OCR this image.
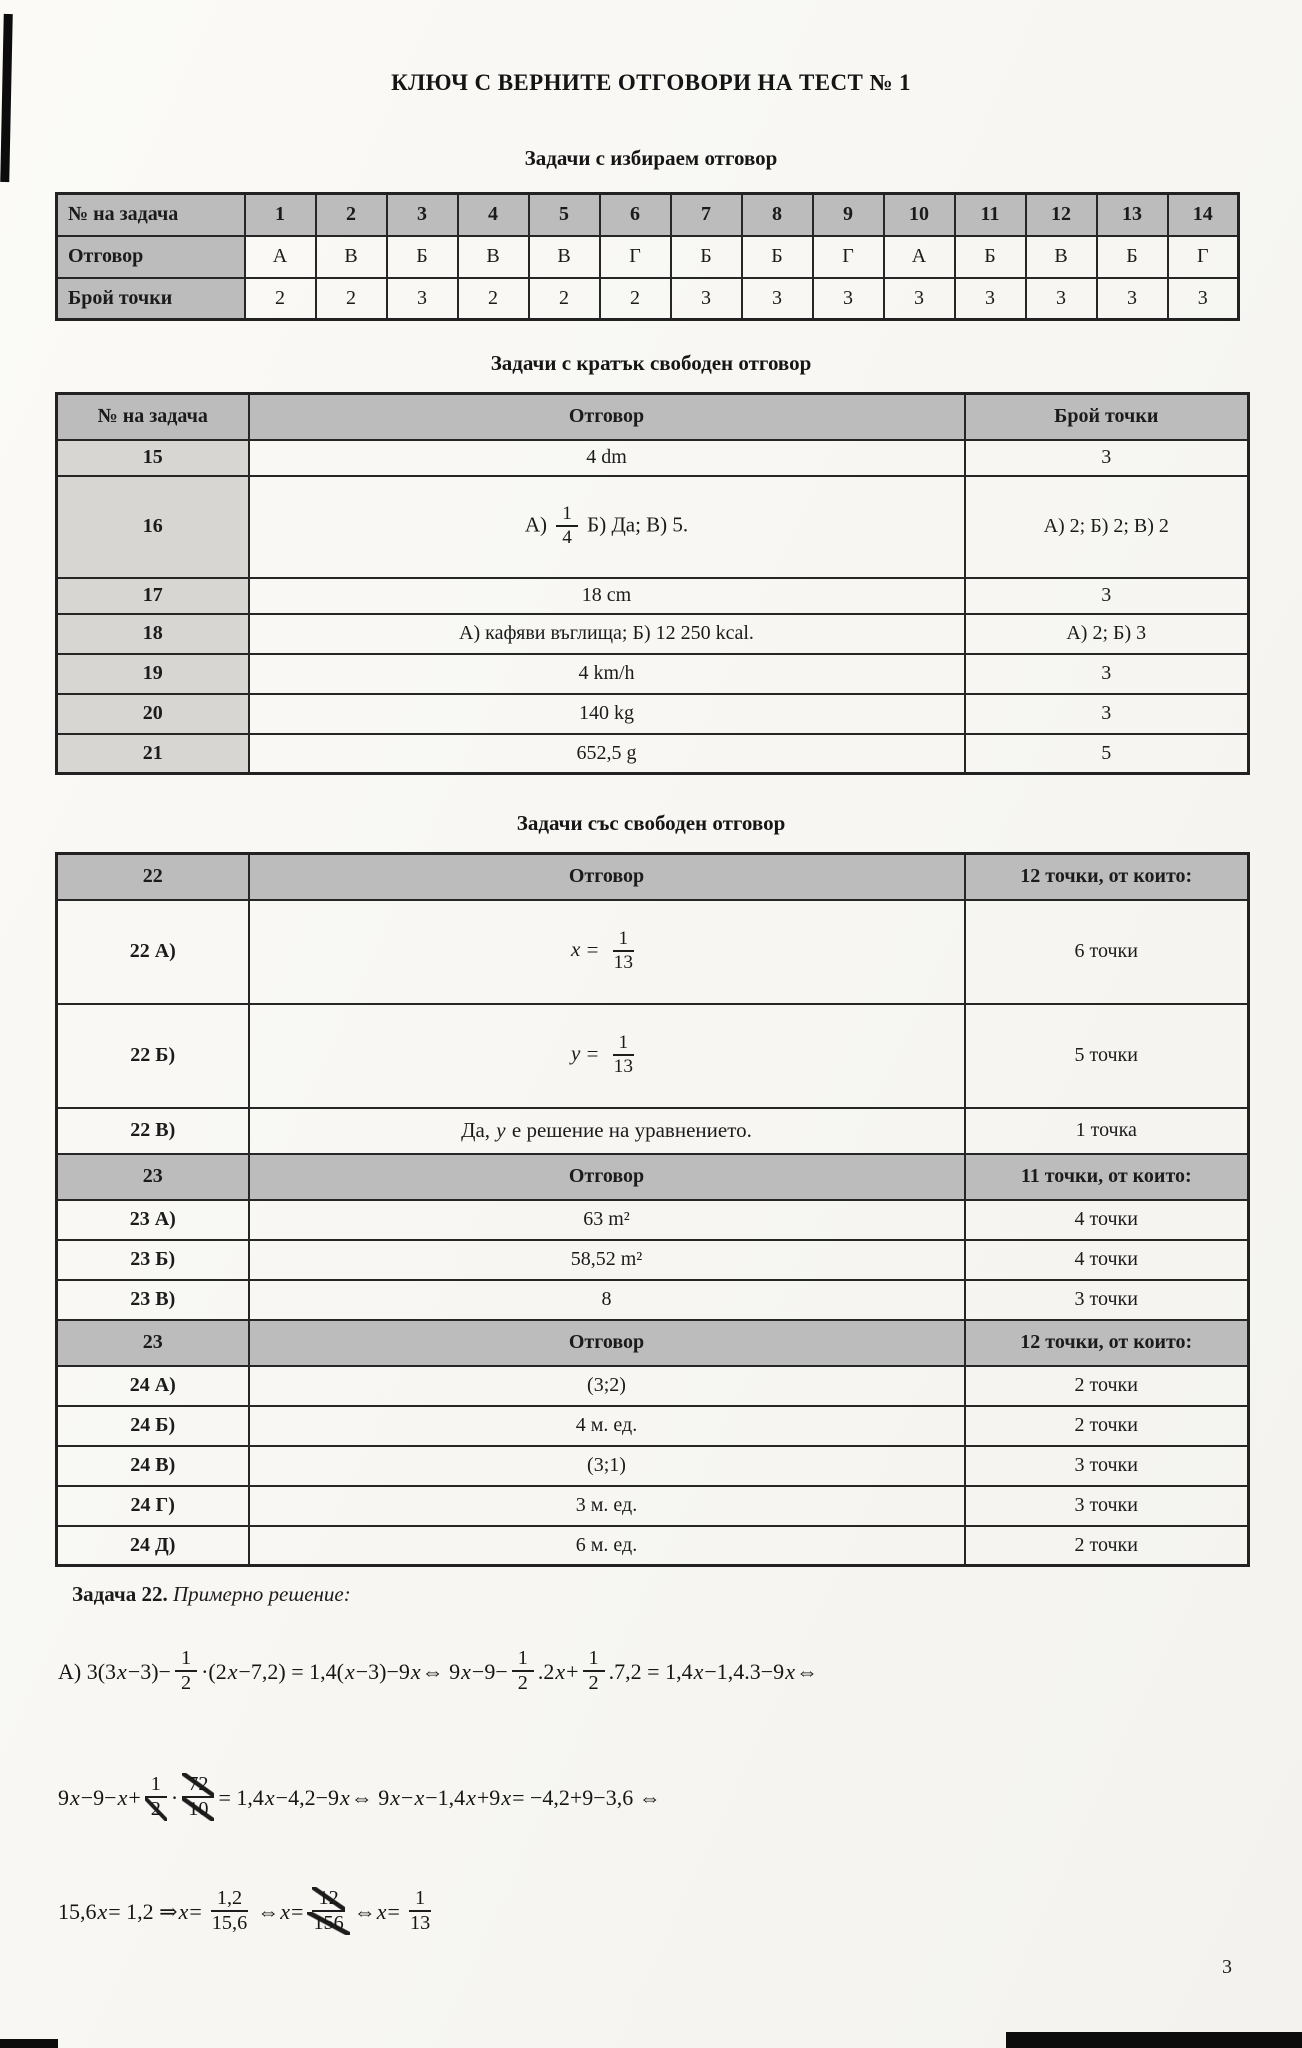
КЛЮЧ С ВЕРНИТЕ ОТГОВОРИ НА ТЕСТ № 1
Задачи с избираем отговор
№ на задача	1	2	3	4	5	6	7	8	9	10	11	12	13	14
Отговор	А	В	Б	В	В	Г	Б	Б	Г	А	Б	В	Б	Г
Брой точки	2	2	3	2	2	2	3	3	3	3	3	3	3	3
Задачи с кратък свободен отговор
№ на задача	Отговор	Брой точки
15	4 dm	3
16	$А) \frac{1}{4} Б$) Да; В) 5.	А) 2; Б) 2; В) 2
17	18 cm	3
18	А) кафяви въглища; Б) 12 250 kcal.	А) 2; Б) 3
19	4 km/h	3
20	140 kg	3
21	652,5 g	5
Задачи със свободен отговор
22	Отговор	12 точки, от които:
22 А)	$x = \frac{1}{13}$	6 точки
22 Б)	$y = \frac{1}{13}$	5 точки
22 В)	Да, y е решение на уравнението.	1 точка
23	Отговор	11 точки, от които:
23 А)	63 m²	4 точки
23 Б)	58,52 m²	4 точки
23 В)	8	3 точки
23	Отговор	12 точки, от които:
24 А)	(3;2)	2 точки
24 Б)	4 м. ед.	2 точки
24 В)	(3;1)	3 точки
24 Г)	3 м. ед.	3 точки
24 Д)	6 м. ед.	2 точки
Задача 22. Примерно решение:
А) 3(3 $x -3)- \frac{1}{2} \cdot(2$ x −7,2) = 1,4( x −3)−9 x ⇔ 9 $x -9- \frac{1}{2} .2$ $x + \frac{1}{2} .7,2 = 1,4$ x −1,4.3−9 x ⇔
9 $x -9- x + \frac{1}{2} \cdot \frac{72}{10} = 1,4$ x −4,2−9 x ⇔ 9 x − x −1,4 x +9 x = −4,2+9−3,6 ⇔
15,6 x = 1,2 ⇒ $x = \frac{1,2}{15,6}$ ⇔ $x = \frac{12}{156}$ ⇔ $x = \frac{1}{13}$
3
